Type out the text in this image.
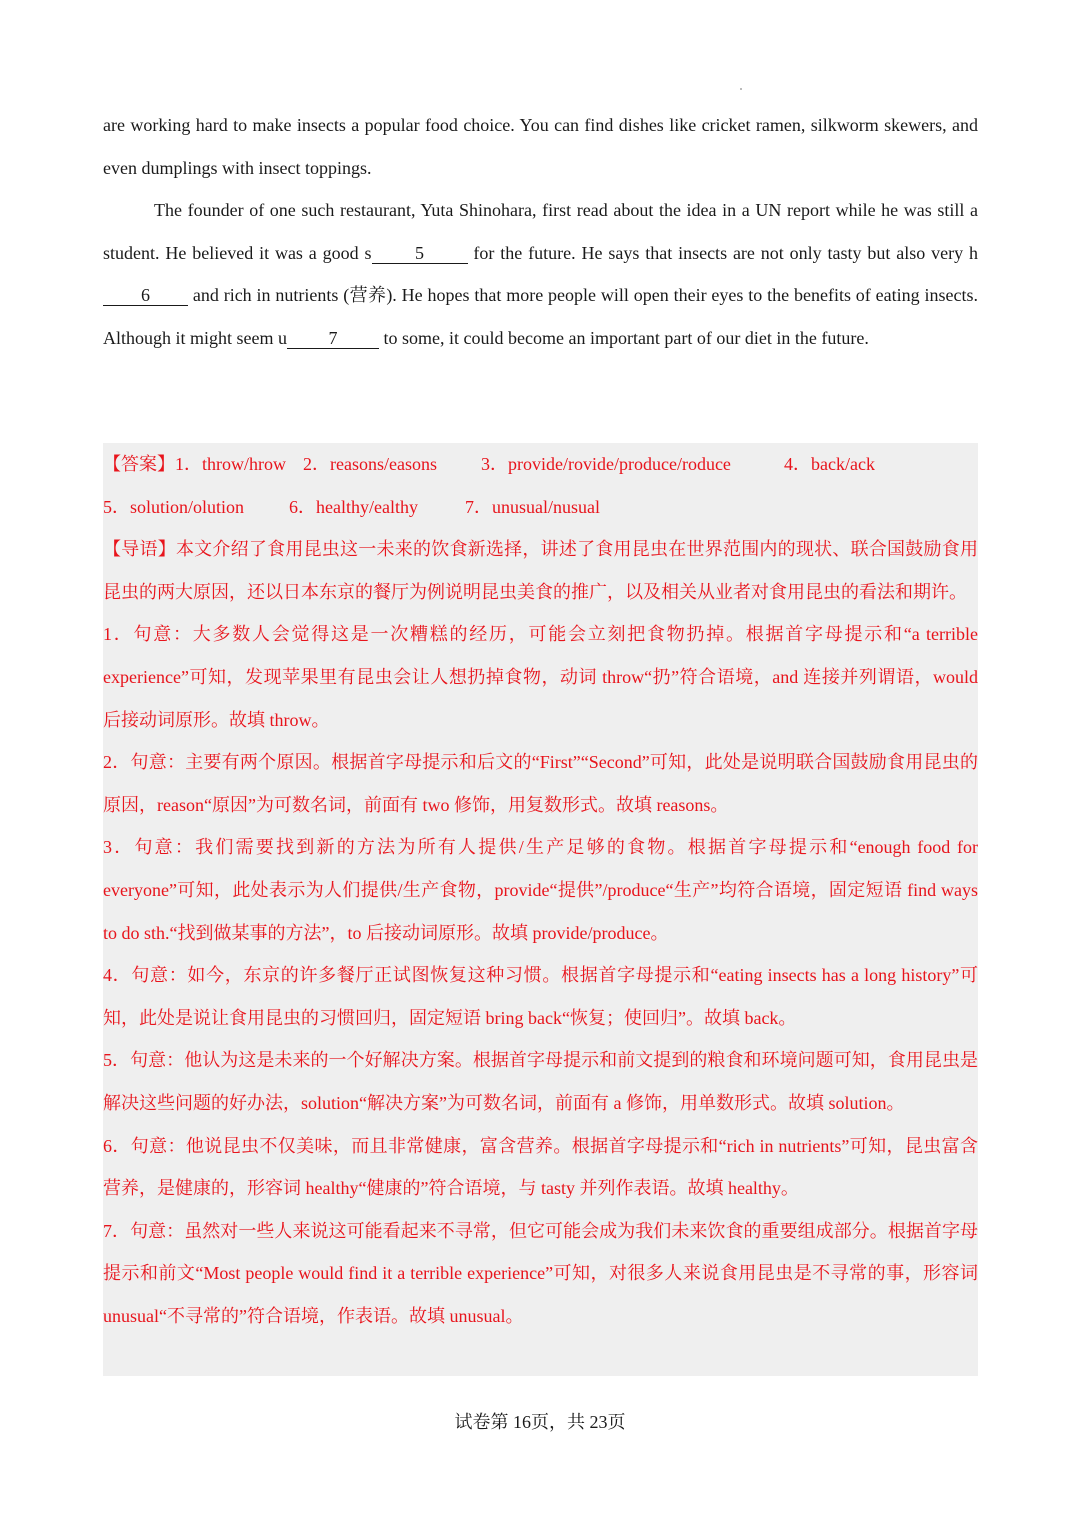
are working hard to make insects a popular food choice. You can find dishes like cricket ramen, silkworm skewers, and even dumplings with insect toppings.

The founder of one such restaurant, Yuta Shinohara, first read about the idea in a UN report while he was still a student. He believed it was a good s 5 for the future. He says that insects are not only tasty but also very h6 and rich in nutrients (营养). He hopes that more people will open their eyes to the benefits of eating insects. Although it might seem u 7 to some, it could become an important part of our diet in the future.

【答案】1．throw/hrow 2．reasons/easons 3．provide/rovide/produce/roduce	4．back/ack

5．solution/olution 6．healthy/ealthy	7．unusual/nusual

【导语】本文介绍了食用昆虫这一未来的饮食新选择，讲述了食用昆虫在世界范围内的现状、联合国鼓励食用昆虫的两大原因，还以日本东京的餐厅为例说明昆虫美食的推广，以及相关从业者对食用昆虫的看法和期许。

1．句意：大多数人会觉得这是一次糟糕的经历，可能会立刻把食物扔掉。根据首字母提示和“a terrible experience”可知，发现苹果里有昆虫会让人想扔掉食物，动词 throw“扔”符合语境，and 连接并列谓语，would 后接动词原形。故填 throw。

2．句意：主要有两个原因。根据首字母提示和后文的“First”“Second”可知，此处是说明联合国鼓励食用昆虫的原因，reason“原因”为可数名词，前面有 two 修饰，用复数形式。故填 reasons。

3．句意：我们需要找到新的方法为所有人提供/生产足够的食物。根据首字母提示和“enough food for everyone”可知，此处表示为人们提供/生产食物，provide“提供”/produce“生产”均符合语境，固定短语 find ways to do sth.“找到做某事的方法”，to 后接动词原形。故填 provide/produce。

4．句意：如今，东京的许多餐厅正试图恢复这种习惯。根据首字母提示和“eating insects has a long history”可知，此处是说让食用昆虫的习惯回归，固定短语 bring back“恢复；使回归”。故填 back。

5．句意：他认为这是未来的一个好解决方案。根据首字母提示和前文提到的粮食和环境问题可知，食用昆虫是解决这些问题的好办法，solution“解决方案”为可数名词，前面有 a 修饰，用单数形式。故填 solution。

6．句意：他说昆虫不仅美味，而且非常健康，富含营养。根据首字母提示和“rich in nutrients”可知，昆虫富含营养，是健康的，形容词 healthy“健康的”符合语境，与 tasty 并列作表语。故填 healthy。

7．句意：虽然对一些人来说这可能看起来不寻常，但它可能会成为我们未来饮食的重要组成部分。根据首字母提示和前文“Most people would find it a terrible experience”可知，对很多人来说食用昆虫是不寻常的事，形容词 unusual“不寻常的”符合语境，作表语。故填 unusual。

试卷第 16页，共 23页
